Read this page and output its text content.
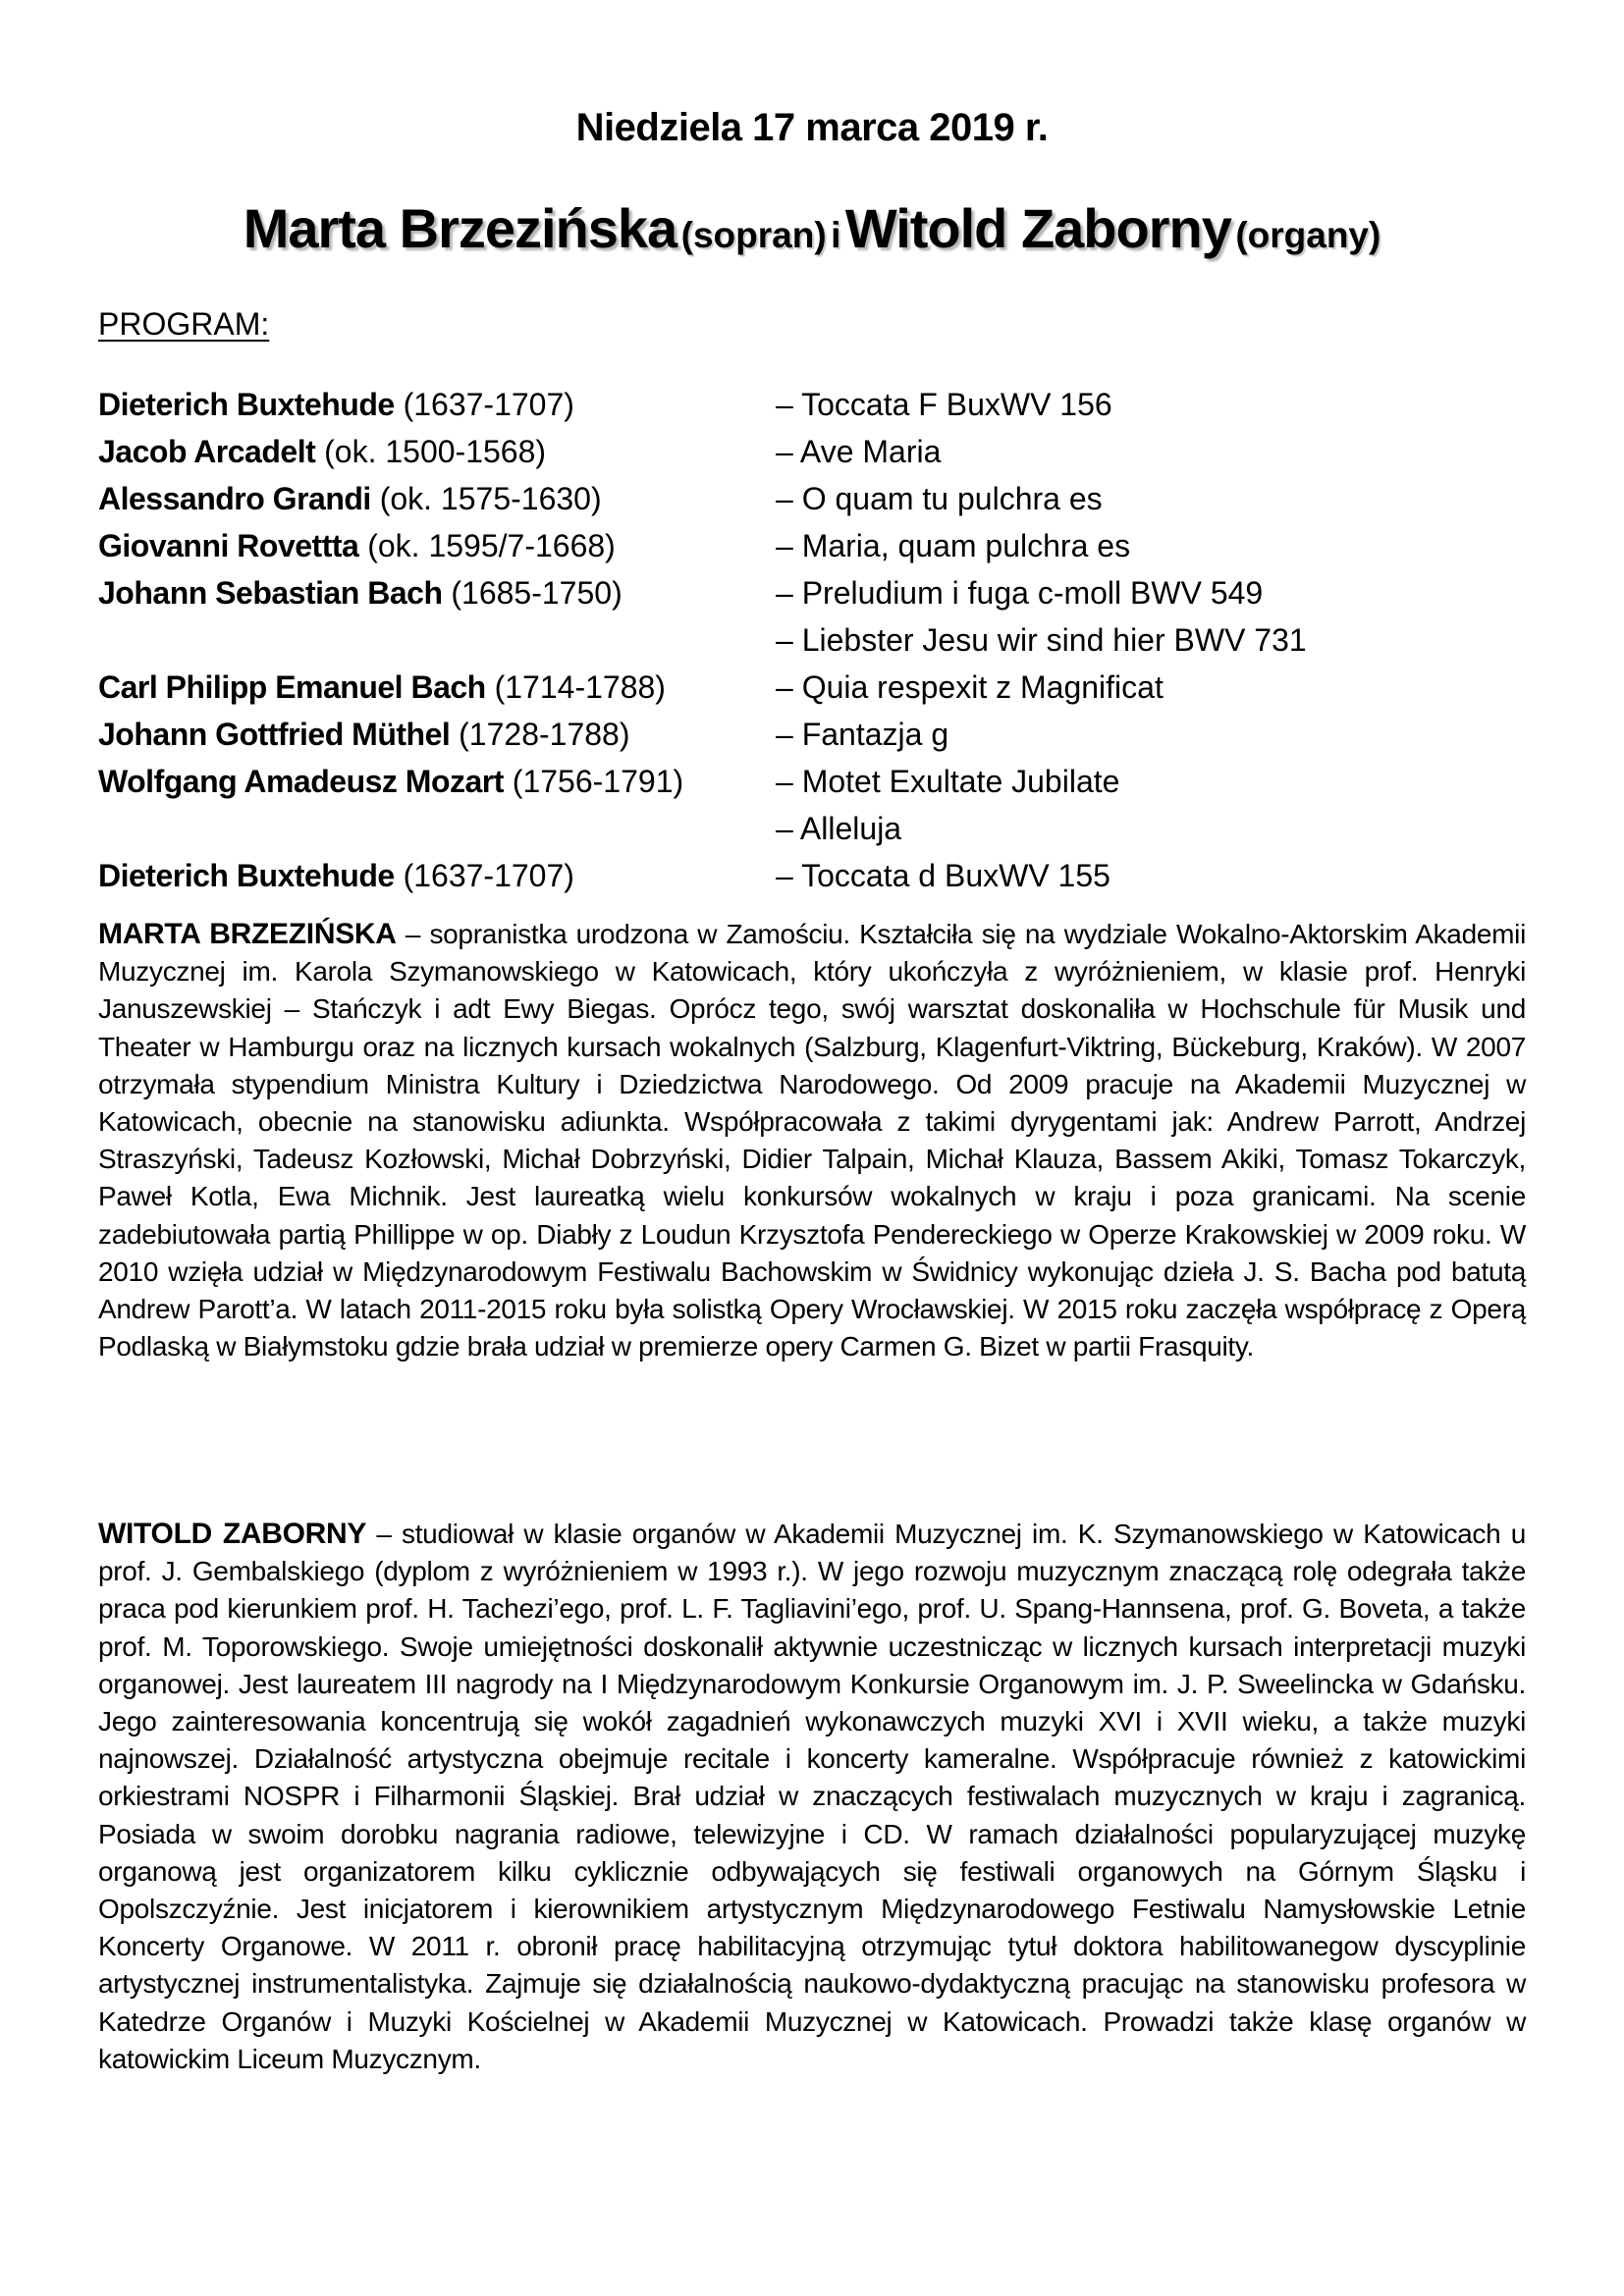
Niedziela 17 marca 2019 r.
Marta Brzezińska (sopran) i Witold Zaborny (organy)
PROGRAM:
Dieterich Buxtehude (1637-1707)	– Toccata F BuxWV 156
Jacob Arcadelt (ok. 1500-1568)	– Ave Maria
Alessandro Grandi (ok. 1575-1630)	– O quam tu pulchra es
Giovanni Rovettta (ok. 1595/7-1668)	– Maria, quam pulchra es
Johann Sebastian Bach (1685-1750)	– Preludium i fuga c-moll BWV 549
– Liebster Jesu wir sind hier BWV 731
Carl Philipp Emanuel Bach (1714-1788)	– Quia respexit z Magnificat
Johann Gottfried Müthel (1728-1788)	– Fantazja g
Wolfgang Amadeusz Mozart (1756-1791)	– Motet Exultate Jubilate
– Alleluja
Dieterich Buxtehude (1637-1707)	– Toccata d BuxWV 155

MARTA BRZEZIŃSKA – sopranistka urodzona w Zamościu. Kształciła się na wydziale Wokalno-Aktorskim Akademii Muzycznej im. Karola Szymanowskiego w Katowicach, który ukończyła z wyróżnieniem, w klasie prof. Henryki Januszewskiej – Stańczyk i adt Ewy Biegas. Oprócz tego, swój warsztat doskonaliła w Hochschule für Musik und Theater w Hamburgu oraz na licznych kursach wokalnych (Salzburg, Klagenfurt-Viktring, Bückeburg, Kraków). W 2007 otrzymała stypendium Ministra Kultury i Dziedzictwa Narodowego. Od 2009 pracuje na Akademii Muzycznej w Katowicach, obecnie na stanowisku adiunkta. Współpracowała z takimi dyrygentami jak: Andrew Parrott, Andrzej Straszyński, Tadeusz Kozłowski, Michał Dobrzyński, Didier Talpain, Michał Klauza, Bassem Akiki, Tomasz Tokarczyk, Paweł Kotla, Ewa Michnik. Jest laureatką wielu konkursów wokalnych w kraju i poza granicami. Na scenie zadebiutowała partią Phillippe w op. Diabły z Loudun Krzysztofa Pendereckiego w Operze Krakowskiej w 2009 roku. W 2010 wzięła udział w Międzynarodowym Festiwalu Bachowskim w Świdnicy wykonując dzieła J. S. Bacha pod batutą Andrew Parott’a. W latach 2011-2015 roku była solistką Opery Wrocławskiej. W 2015 roku zaczęła współpracę z Operą Podlaską w Białymstoku gdzie brała udział w premierze opery Carmen G. Bizet w partii Frasquity.

WITOLD ZABORNY – studiował w klasie organów w Akademii Muzycznej im. K. Szymanowskiego w Katowicach u prof. J. Gembalskiego (dyplom z wyróżnieniem w 1993 r.). W jego rozwoju muzycznym znaczącą rolę odegrała także praca pod kierunkiem prof. H. Tachezi’ego, prof. L. F. Tagliavini’ego, prof. U. Spang-Hannsena, prof. G. Boveta, a także prof. M. Toporowskiego. Swoje umiejętności doskonalił aktywnie uczestnicząc w licznych kursach interpretacji muzyki organowej. Jest laureatem III nagrody na I Międzynarodowym Konkursie Organowym im. J. P. Sweelincka w Gdańsku. Jego zainteresowania koncentrują się wokół zagadnień wykonawczych muzyki XVI i XVII wieku, a także muzyki najnowszej. Działalność artystyczna obejmuje recitale i koncerty kameralne. Współpracuje również z katowickimi orkiestrami NOSPR i Filharmonii Śląskiej. Brał udział w znaczących festiwalach muzycznych w kraju i zagranicą. Posiada w swoim dorobku nagrania radiowe, telewizyjne i CD. W ramach działalności popularyzującej muzykę organową jest organizatorem kilku cyklicznie odbywających się festiwali organowych na Górnym Śląsku i Opolszczyźnie. Jest inicjatorem i kierownikiem artystycznym Międzynarodowego Festiwalu Namysłowskie Letnie Koncerty Organowe. W 2011 r. obronił pracę habilitacyjną otrzymując tytuł doktora habilitowanegow dyscyplinie artystycznej instrumentalistyka. Zajmuje się działalnością naukowo-dydaktyczną pracując na stanowisku profesora w Katedrze Organów i Muzyki Kościelnej w Akademii Muzycznej w Katowicach. Prowadzi także klasę organów w katowickim Liceum Muzycznym.
